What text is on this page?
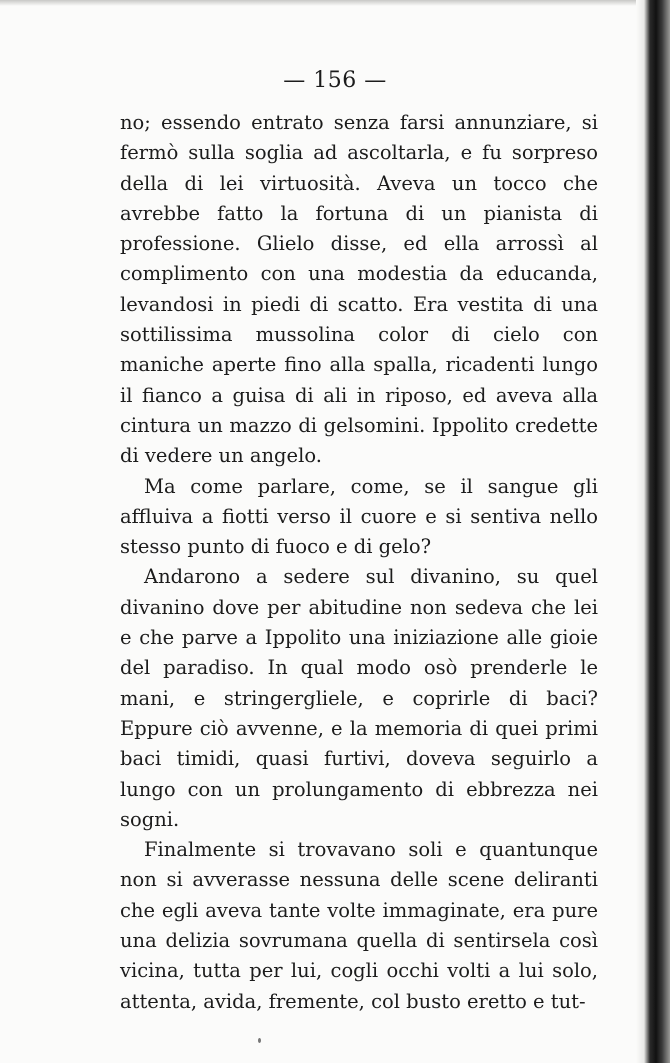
— 156 —

no; essendo entrato senza farsi annunziare, si fermò sulla soglia ad ascoltarla, e fu sorpreso della di lei virtuosità. Aveva un tocco che avrebbe fatto la fortuna di un pianista di professione. Glielo disse, ed ella arrossì al complimento con una modestia da educanda, levandosi in piedi di scatto. Era vestita di una sottilissima mussolina color di cielo con maniche aperte fino alla spalla, ricadenti lungo il fianco a guisa di ali in riposo, ed aveva alla cintura un mazzo di gelsomini. Ippolito credette di vedere un angelo.

Ma come parlare, come, se il sangue gli affluiva a fiotti verso il cuore e si sentiva nello stesso punto di fuoco e di gelo?

Andarono a sedere sul divanino, su quel divanino dove per abitudine non sedeva che lei e che parve a Ippolito una iniziazione alle gioie del paradiso. In qual modo osò prenderle le mani, e stringergliele, e coprirle di baci? Eppure ciò avvenne, e la memoria di quei primi baci timidi, quasi furtivi, doveva seguirlo a lungo con un prolungamento di ebbrezza nei sogni.

Finalmente si trovavano soli e quantunque non si avverasse nessuna delle scene deliranti che egli aveva tante volte immaginate, era pure una delizia sovrumana quella di sentirsela così vicina, tutta per lui, cogli occhi volti a lui solo, attenta, avida, fremente, col busto eretto e tut-
